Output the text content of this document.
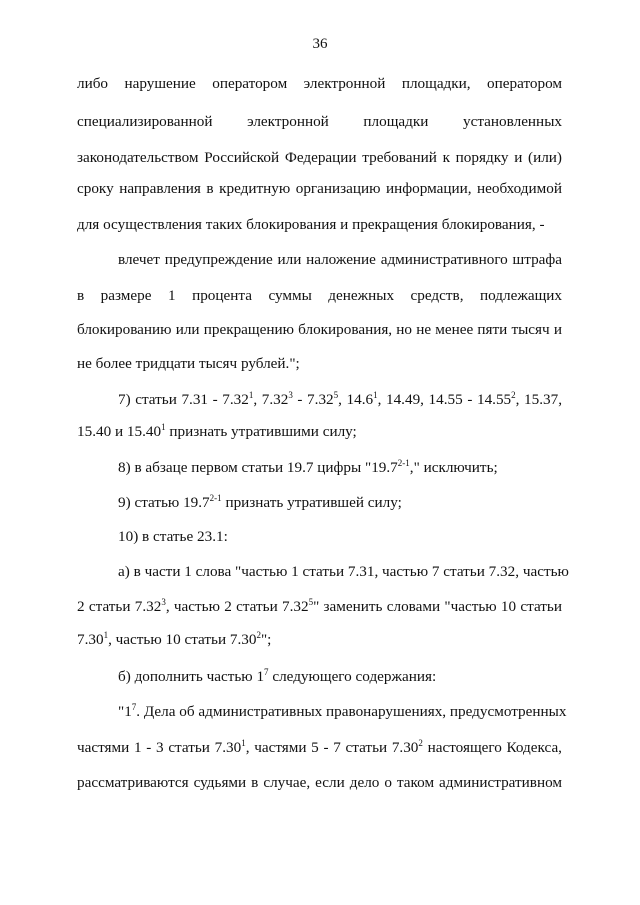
36
либо нарушение оператором электронной площадки, оператором
специализированной электронной площадки установленных
законодательством Российской Федерации требований к порядку и (или)
сроку направления в кредитную организацию информации, необходимой
для осуществления таких блокирования и прекращения блокирования, -
влечет предупреждение или наложение административного штрафа
в размере 1 процента суммы денежных средств, подлежащих
блокированию или прекращению блокирования, но не менее пяти тысяч и
не более тридцати тысяч рублей.";
7) статьи 7.31 - 7.32$^1$, 7.32$^3$ - 7.32$^5$, 14.6$^1$, 14.49, 14.55 - 14.55$^2$, 15.37,
15.40 и 15.40$^1$ признать утратившими силу;
8) в абзаце первом статьи 19.7 цифры "19.7$^{2-1}$," исключить;
9) статью 19.7$^{2-1}$ признать утратившей силу;
10) в статье 23.1:
а) в части 1 слова "частью 1 статьи 7.31, частью 7 статьи 7.32, частью
2 статьи 7.32$^3$, частью 2 статьи 7.32$^5$" заменить словами "частью 10 статьи
7.30$^1$, частью 10 статьи 7.30$^2$";
б) дополнить частью $1^7$ следующего содержания:
"$1^7$. Дела об административных правонарушениях, предусмотренных
частями 1 - 3 статьи 7.30$^1$, частями 5 - 7 статьи 7.30$^2$ настоящего Кодекса,
рассматриваются судьями в случае, если дело о таком административном
